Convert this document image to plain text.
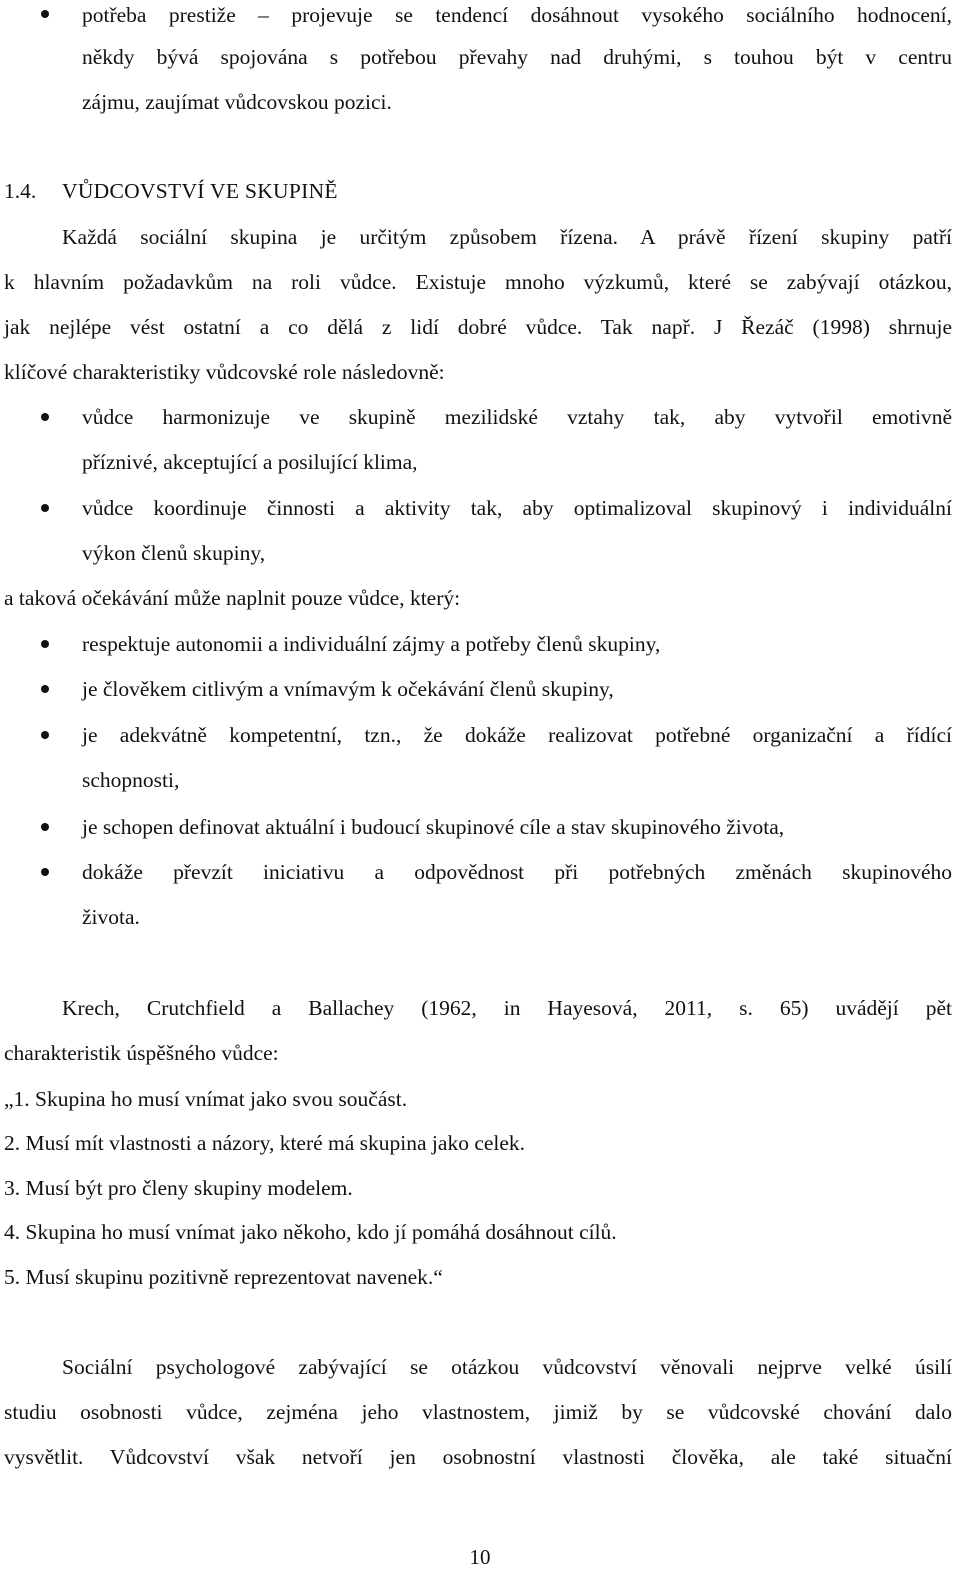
potřeba prestiže – projevuje se tendencí dosáhnout vysokého sociálního hodnocení,
někdy bývá spojována s potřebou převahy nad druhými, s touhou být v centru
zájmu, zaujímat vůdcovskou pozici.
1.4. VŮDCOVSTVÍ VE SKUPINĚ
Každá sociální skupina je určitým způsobem řízena. A právě řízení skupiny patří
k hlavním požadavkům na roli vůdce. Existuje mnoho výzkumů, které se zabývají otázkou,
jak nejlépe vést ostatní a co dělá z lidí dobré vůdce. Tak např. J Řezáč (1998) shrnuje
klíčové charakteristiky vůdcovské role následovně:
vůdce harmonizuje ve skupině mezilidské vztahy tak, aby vytvořil emotivně
příznivé, akceptující a posilující klima,
vůdce koordinuje činnosti a aktivity tak, aby optimalizoval skupinový i individuální
výkon členů skupiny,
a taková očekávání může naplnit pouze vůdce, který:
respektuje autonomii a individuální zájmy a potřeby členů skupiny,
je člověkem citlivým a vnímavým k očekávání členů skupiny,
je adekvátně kompetentní, tzn., že dokáže realizovat potřebné organizační a řídící
schopnosti,
je schopen definovat aktuální i budoucí skupinové cíle a stav skupinového života,
dokáže převzít iniciativu a odpovědnost při potřebných změnách skupinového
života.
Krech, Crutchfield a Ballachey (1962, in Hayesová, 2011, s. 65) uvádějí pět
charakteristik úspěšného vůdce:
„1. Skupina ho musí vnímat jako svou součást.
2. Musí mít vlastnosti a názory, které má skupina jako celek.
3. Musí být pro členy skupiny modelem.
4. Skupina ho musí vnímat jako někoho, kdo jí pomáhá dosáhnout cílů.
5. Musí skupinu pozitivně reprezentovat navenek.“
Sociální psychologové zabývající se otázkou vůdcovství věnovali nejprve velké úsilí
studiu osobnosti vůdce, zejména jeho vlastnostem, jimiž by se vůdcovské chování dalo
vysvětlit. Vůdcovství však netvoří jen osobnostní vlastnosti člověka, ale také situační
10
